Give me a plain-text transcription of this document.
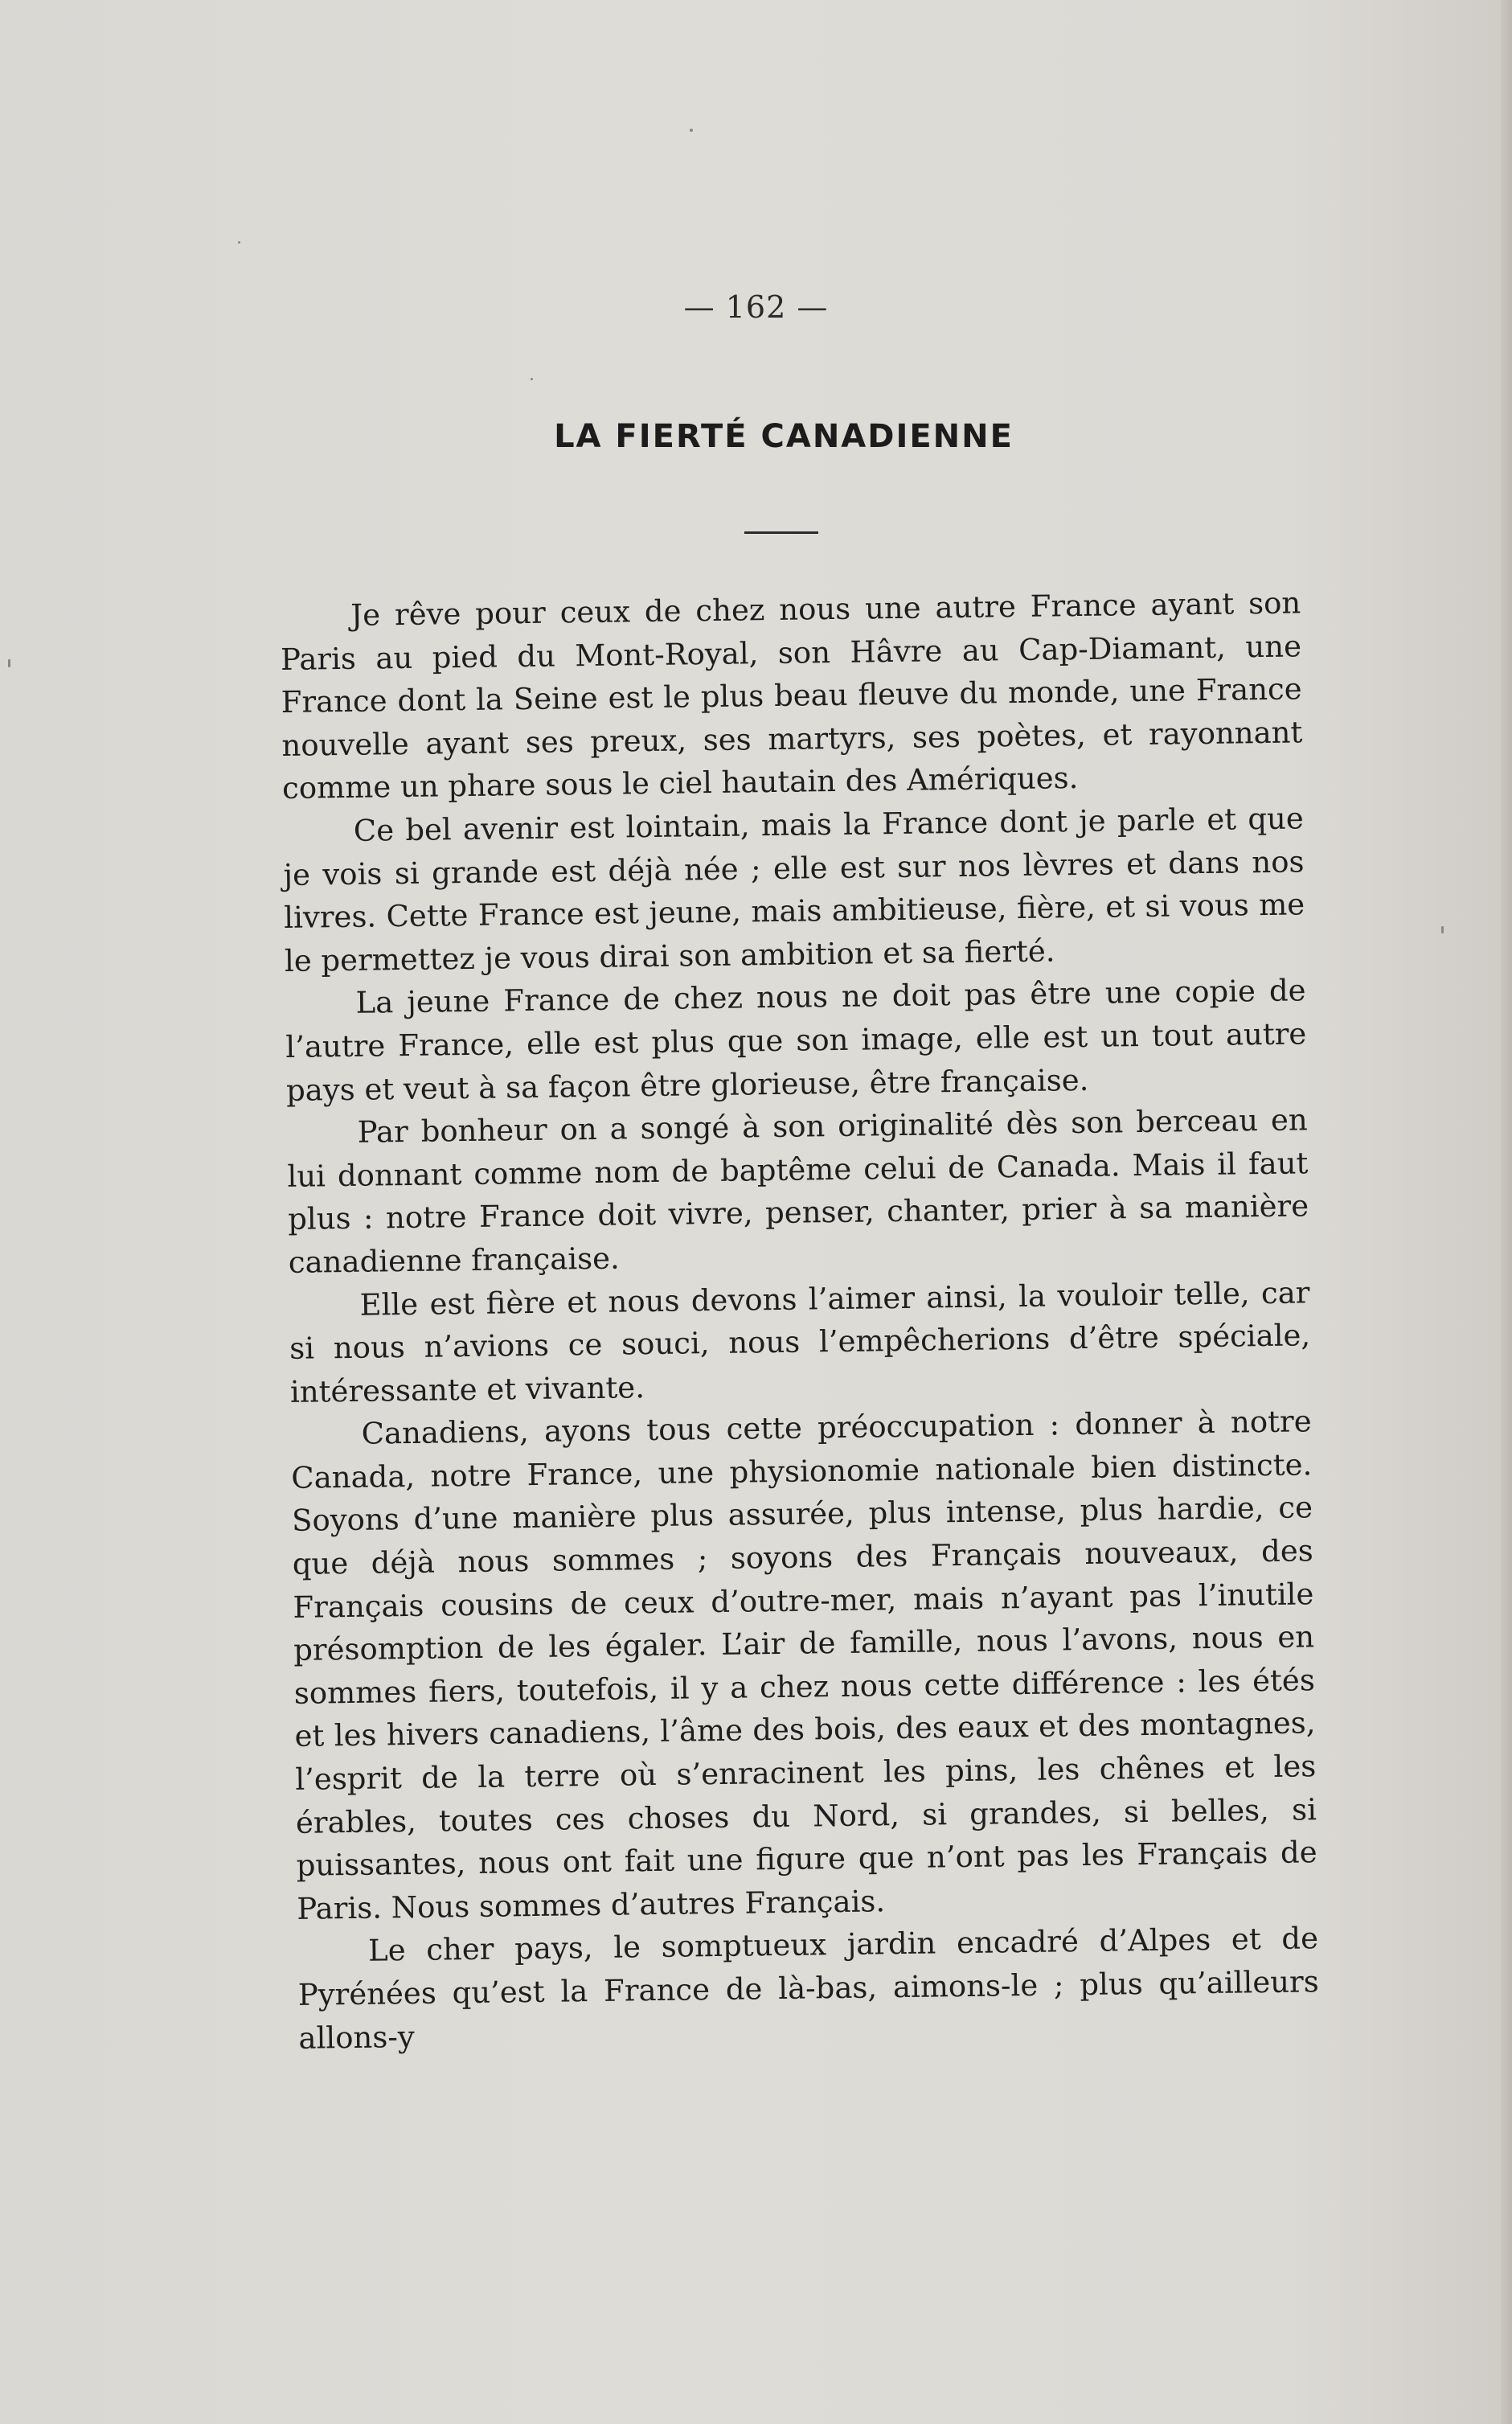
— 162 —
LA FIERTÉ CANADIENNE

Je rêve pour ceux de chez nous une autre France ayant son Paris au pied du Mont-Royal, son Hâvre au Cap-Diamant, une France dont la Seine est le plus beau fleuve du monde, une France nouvelle ayant ses preux, ses martyrs, ses poètes, et rayonnant comme un phare sous le ciel hautain des Amériques.

Ce bel avenir est lointain, mais la France dont je parle et que je vois si grande est déjà née ; elle est sur nos lèvres et dans nos livres. Cette France est jeune, mais ambitieuse, fière, et si vous me le permettez je vous dirai son ambition et sa fierté.

La jeune France de chez nous ne doit pas être une copie de l’autre France, elle est plus que son image, elle est un tout autre pays et veut à sa façon être glorieuse, être française.

Par bonheur on a songé à son originalité dès son berceau en lui donnant comme nom de baptême celui de Canada. Mais il faut plus : notre France doit vivre, penser, chanter, prier à sa manière canadienne française.

Elle est fière et nous devons l’aimer ainsi, la vouloir telle, car si nous n’avions ce souci, nous l’empêcherions d’être spéciale, intéressante et vivante.

Canadiens, ayons tous cette préoccupation : donner à notre Canada, notre France, une physionomie nationale bien distincte. Soyons d’une manière plus assurée, plus intense, plus hardie, ce que déjà nous sommes ; soyons des Français nouveaux, des Français cousins de ceux d’outre-mer, mais n’ayant pas l’inutile présomption de les égaler. L’air de famille, nous l’avons, nous en sommes fiers, toutefois, il y a chez nous cette différence : les étés et les hivers canadiens, l’âme des bois, des eaux et des montagnes, l’esprit de la terre où s’enracinent les pins, les chênes et les érables, toutes ces choses du Nord, si grandes, si belles, si puissantes, nous ont fait une figure que n’ont pas les Français de Paris. Nous sommes d’autres Français.

Le cher pays, le somptueux jardin encadré d’Alpes et de Pyrénées qu’est la France de là-bas, aimons-le ; plus qu’ailleurs allons-y
